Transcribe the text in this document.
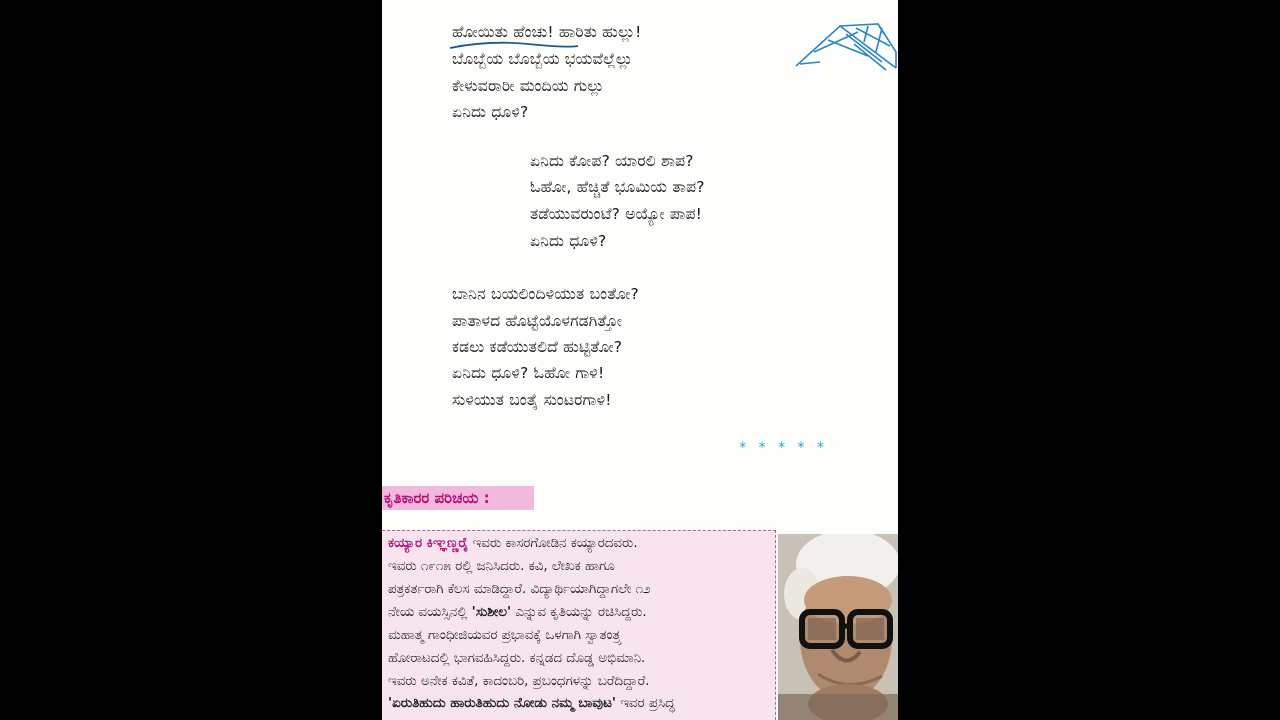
ಹೋಯಿತು ಹೆಂಚು! ಹಾರಿತು ಹುಲ್ಲು!
ಬೊಬ್ಬೆಯ ಬೊಬ್ಬೆಯ ಭಯವೆಲ್ಲೆಲ್ಲು
ಕೇಳುವರಾರೀ ಮಂದಿಯ ಗುಲ್ಲು
ಏನಿದು ಧೂಳಿ?
ಏನಿದು ಕೋಪ? ಯಾರಲಿ ಶಾಪ?
ಓಹೋ, ಹೆಚ್ಚಿತೆ ಭೂಮಿಯ ತಾಪ?
ತಡೆಯುವರುಂಟೆ? ಅಯ್ಯೋ ಪಾಪ!
ಏನಿದು ಧೂಳಿ?
ಬಾನಿನ ಬಯಲಿಂದಿಳಿಯುತ ಬಂತೋ?
ಪಾತಾಳದ ಹೊಟ್ಟೆಯೊಳಗಡಗಿತ್ತೋ
ಕಡಲು ಕಡೆಯುತಲಿದೆ ಹುಟ್ಟಿತೋ?
ಏನಿದು ಧೂಳಿ? ಓಹೋ ಗಾಳಿ!
ಸುಳಿಯುತ ಬಂತೈ ಸುಂಟರಗಾಳಿ!
* * * * *
ಕೃತಿಕಾರರ ಪರಿಚಯ :
ಕಯ್ಯಾರ ಕಿಞ್ಞಣ್ಣರೈ ಇವರು ಕಾಸರಗೋಡಿನ ಕಯ್ಯಾರದವರು.
ಇವರು ೧೯೧೫ ರಲ್ಲಿ ಜನಿಸಿದರು. ಕವಿ, ಲೇಖಕ ಹಾಗೂ
ಪತ್ರಕರ್ತರಾಗಿ ಕೆಲಸ ಮಾಡಿದ್ದಾರೆ. ವಿದ್ಯಾರ್ಥಿಯಾಗಿದ್ದಾಗಲೇ ೧೨
ನೇಯ ವಯಸ್ಸಿನಲ್ಲಿ 'ಸುಶೀಲ' ಎನ್ನುವ ಕೃತಿಯನ್ನು ರಚಿಸಿದ್ದರು.
ಮಹಾತ್ಮ ಗಾಂಧೀಜಿಯವರ ಪ್ರಭಾವಕ್ಕೆ ಒಳಗಾಗಿ ಸ್ವಾತಂತ್ರ್ಯ
ಹೋರಾಟದಲ್ಲಿ ಭಾಗವಹಿಸಿದ್ದರು. ಕನ್ನಡದ ದೊಡ್ಡ ಅಭಿಮಾನಿ.
ಇವರು ಅನೇಕ ಕವಿತೆ, ಕಾದಂಬರಿ, ಪ್ರಬಂಧಗಳನ್ನು ಬರೆದಿದ್ದಾರೆ.
'ಏರುತಿಹುದು ಹಾರುತಿಹುದು ನೋಡು ನಮ್ಮ ಬಾವುಟ' ಇವರ ಪ್ರಸಿದ್ಧ
